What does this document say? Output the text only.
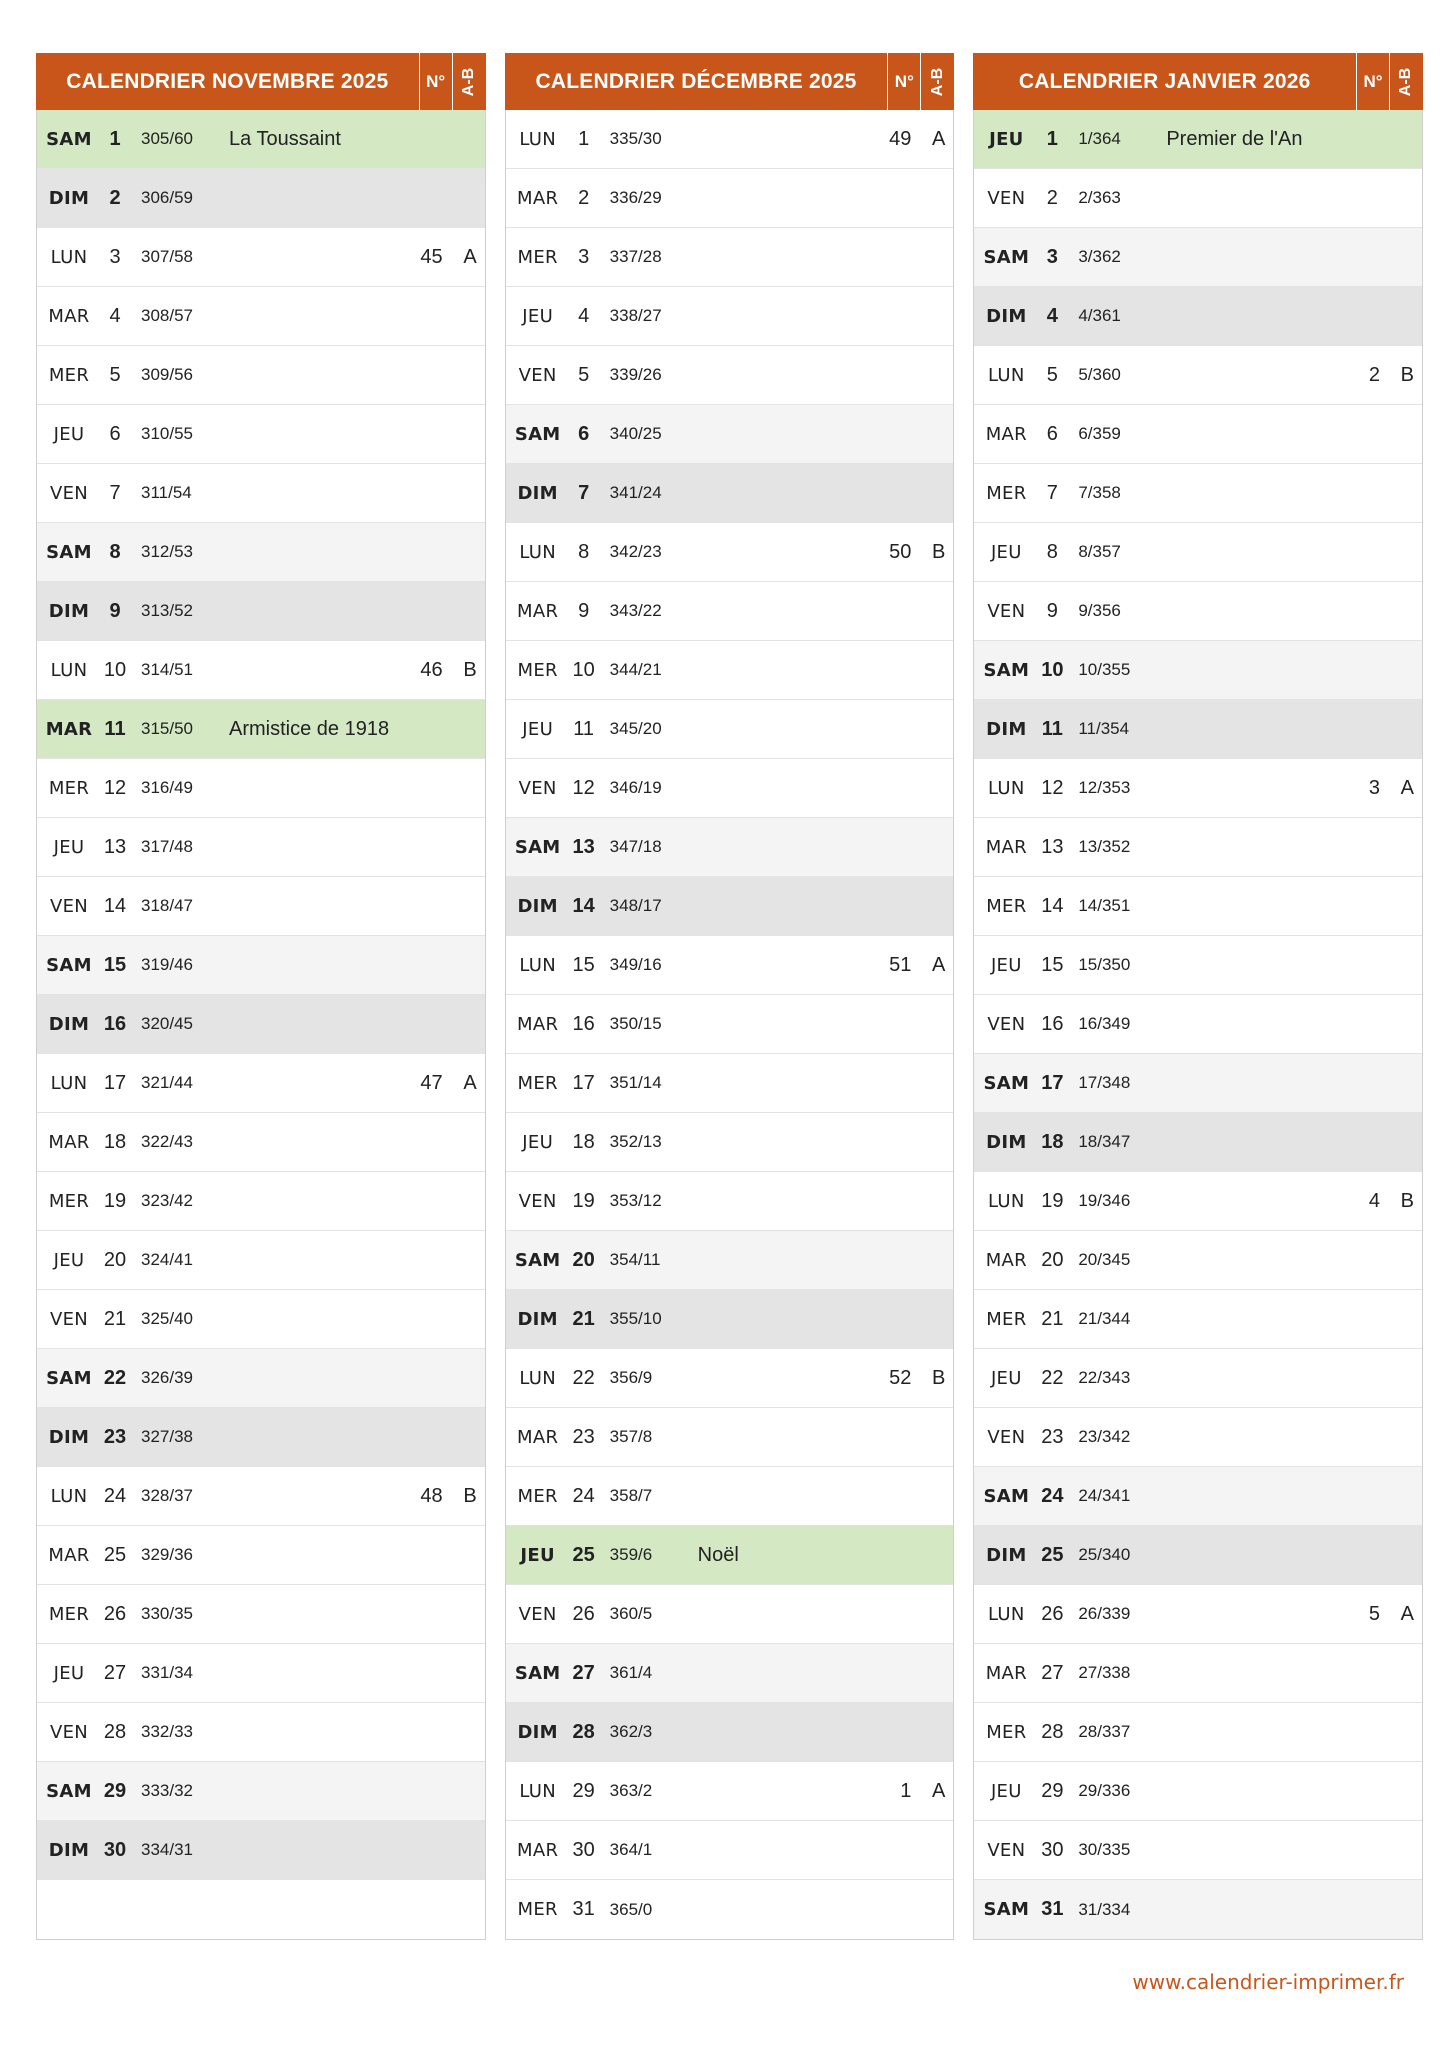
CALENDRIER NOVEMBRE 2025	N° A-B
SAM 1	305/60	La Toussaint
DIM	2	306/59
LUN	3	307/58	45 A
MAR 4	308/57
MER	5	309/56
JEU	6	310/55
VEN	7	311/54
SAM 8	312/53
DIM	9	313/52
LUN 10 314/51	46 B
MAR 11 315/50	Armistice de 1918
MER 12 316/49
JEU 13 317/48
VEN 14 318/47
SAM 15 319/46
DIM 16 320/45
LUN 17 321/44	47 A
MAR 18 322/43
MER 19 323/42
JEU 20 324/41
VEN 21 325/40
SAM 22 326/39
DIM 23 327/38
LUN 24 328/37	48 B
MAR 25 329/36
MER 26 330/35
JEU 27 331/34
VEN 28 332/33
SAM 29 333/32
DIM 30 334/31
CALENDRIER DÉCEMBRE 2025	N° A-B
LUN	1	335/30	49 A
MAR 2	336/29
MER	3	337/28
JEU	4	338/27
VEN	5	339/26
SAM 6	340/25
DIM	7	341/24
LUN	8	342/23	50 B
MAR 9	343/22
MER 10 344/21
JEU	11 345/20
VEN 12 346/19
SAM 13 347/18
DIM 14 348/17
LUN 15 349/16	51 A
MAR 16 350/15
MER 17 351/14
JEU 18 352/13
VEN 19 353/12
SAM 20 354/11
DIM 21 355/10
LUN 22 356/9	52 B
MAR 23 357/8
MER 24 358/7
JEU 25 359/6	Noël
VEN 26 360/5
SAM 27 361/4
DIM 28 362/3
LUN 29 363/2	1 A
MAR 30 364/1
MER 31 365/0
CALENDRIER JANVIER 2026	N° A-B
JEU	1	1/364	Premier de l'An
VEN	2	2/363
SAM 3	3/362
DIM	4	4/361
LUN	5	5/360	2 B
MAR 6	6/359
MER	7	7/358
JEU	8	8/357
VEN	9	9/356
SAM 10 10/355
DIM 11 11/354
LUN 12 12/353	3 A
MAR 13 13/352
MER 14 14/351
JEU 15 15/350
VEN 16 16/349
SAM 17 17/348
DIM 18 18/347
LUN 19 19/346	4 B
MAR 20 20/345
MER 21 21/344
JEU 22 22/343
VEN 23 23/342
SAM 24 24/341
DIM 25 25/340
LUN 26 26/339	5 A
MAR 27 27/338
MER 28 28/337
JEU 29 29/336
VEN 30 30/335
SAM 31 31/334
www.calendrier-imprimer.fr
